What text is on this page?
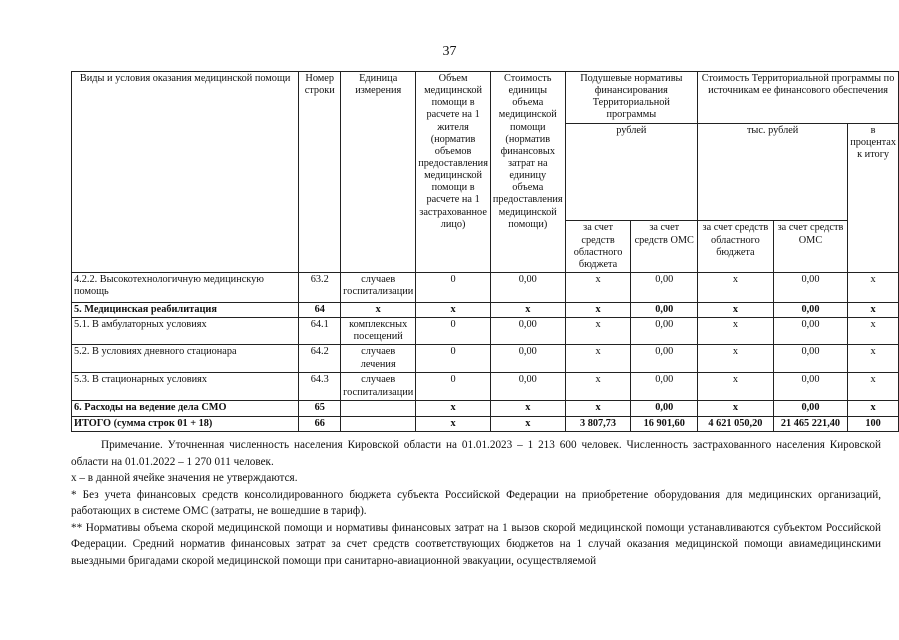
37
Виды и условия оказания медицинской помощи	Номер строки	Единица измерения	Объем медицинской помощи в расчете на 1 жителя (норматив объемов предоставления медицинской помощи в расчете на 1 застрахованное лицо)	Стоимость единицы объема медицинской помощи (норматив финансовых затрат на единицу объема предоставления медицинской помощи)	Подушевые нормативы финансирования Территориальной программы		Стоимость Территориальной программы по источникам ее финансового обеспечения		
					рублей		тыс. рублей		в процентах к итогу
					за счет средств областного бюджета	за счет средств ОМС	за счет средств областного бюджета	за счет средств ОМС	
4.2.2. Высокотехнологичную медицинскую помощь	63.2	случаев госпитализации	0	0,00	x	0,00	x	0,00	x
5. Медицинская реабилитация	64	x	x	x	x	0,00	x	0,00	x
5.1. В амбулаторных условиях	64.1	комплексных посещений	0	0,00	x	0,00	x	0,00	x
5.2. В условиях дневного стационара	64.2	случаев лечения	0	0,00	x	0,00	x	0,00	x
5.3. В стационарных условиях	64.3	случаев госпитализации	0	0,00	x	0,00	x	0,00	x
6. Расходы на ведение дела СМО	65		x	x	x	0,00	x	0,00	x
ИТОГО (сумма строк 01 + 18)	66		x	x	3 807,73	16 901,60	4 621 050,20	21 465 221,40	100

Примечание. Уточненная численность населения Кировской области на 01.01.2023 – 1 213 600 человек. Численность застрахованного населения Кировской области на 01.01.2022 – 1 270 011 человек.

x – в данной ячейке значения не утверждаются.

* Без учета финансовых средств консолидированного бюджета субъекта Российской Федерации на приобретение оборудования для медицинских организаций, работающих в системе ОМС (затраты, не вошедшие в тариф).

** Нормативы объема скорой медицинской помощи и нормативы финансовых затрат на 1 вызов скорой медицинской помощи устанавливаются субъектом Российской Федерации. Средний норматив финансовых затрат за счет средств соответствующих бюджетов на 1 случай оказания медицинской помощи авиамедицинскими выездными бригадами скорой медицинской помощи при санитарно-авиационной эвакуации, осуществляемой
